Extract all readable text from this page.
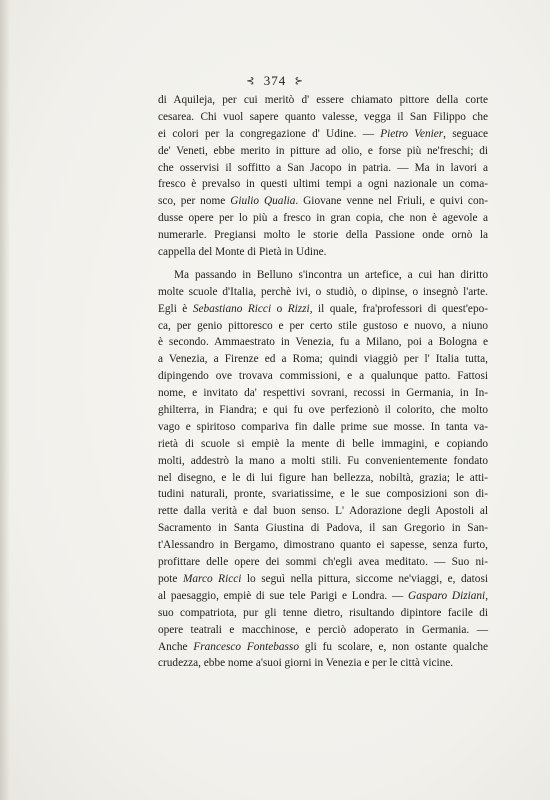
⊰ 374 ⊱
di Aquileja, per cui meritò d' essere chiamato pittore della corte
cesarea. Chi vuol sapere quanto valesse, vegga il San Filippo che
ei colori per la congregazione d' Udine. — Pietro Venier, seguace
de' Veneti, ebbe merito in pitture ad olio, e forse più ne'freschi; di
che osservisi il soffitto a San Jacopo in patria. — Ma in lavori a
fresco è prevalso in questi ultimi tempi a ogni nazionale un coma-
sco, per nome Giulio Qualia. Giovane venne nel Friuli, e quivi con-
dusse opere per lo più a fresco in gran copia, che non è agevole a
numerarle. Pregiansi molto le storie della Passione onde ornò la
cappella del Monte di Pietà in Udine.
Ma passando in Belluno s'incontra un artefice, a cui han diritto
molte scuole d'Italia, perchè ivi, o studiò, o dipinse, o insegnò l'arte.
Egli è Sebastiano Ricci o Rizzi, il quale, fra'professori di quest'epo-
ca, per genio pittoresco e per certo stile gustoso e nuovo, a niuno
è secondo. Ammaestrato in Venezia, fu a Milano, poi a Bologna e
a Venezia, a Firenze ed a Roma; quindi viaggiò per l' Italia tutta,
dipingendo ove trovava commissioni, e a qualunque patto. Fattosi
nome, e invitato da' respettivi sovrani, recossi in Germania, in In-
ghilterra, in Fiandra; e qui fu ove perfezionò il colorito, che molto
vago e spiritoso compariva fin dalle prime sue mosse. In tanta va-
rietà di scuole si empiè la mente di belle immagini, e copiando
molti, addestrò la mano a molti stili. Fu convenientemente fondato
nel disegno, e le di lui figure han bellezza, nobiltà, grazia; le atti-
tudini naturali, pronte, svariatissime, e le sue composizioni son di-
rette dalla verità e dal buon senso. L' Adorazione degli Apostoli al
Sacramento in Santa Giustina di Padova, il san Gregorio in San-
t'Alessandro in Bergamo, dimostrano quanto ei sapesse, senza furto,
profittare delle opere dei sommi ch'egli avea meditato. — Suo ni-
pote Marco Ricci lo seguì nella pittura, siccome ne'viaggi, e, datosi
al paesaggio, empiè di sue tele Parigi e Londra. — Gasparo Diziani,
suo compatriota, pur gli tenne dietro, risultando dipintore facile di
opere teatrali e macchinose, e perciò adoperato in Germania. —
Anche Francesco Fontebasso gli fu scolare, e, non ostante qualche
crudezza, ebbe nome a'suoi giorni in Venezia e per le città vicine.
